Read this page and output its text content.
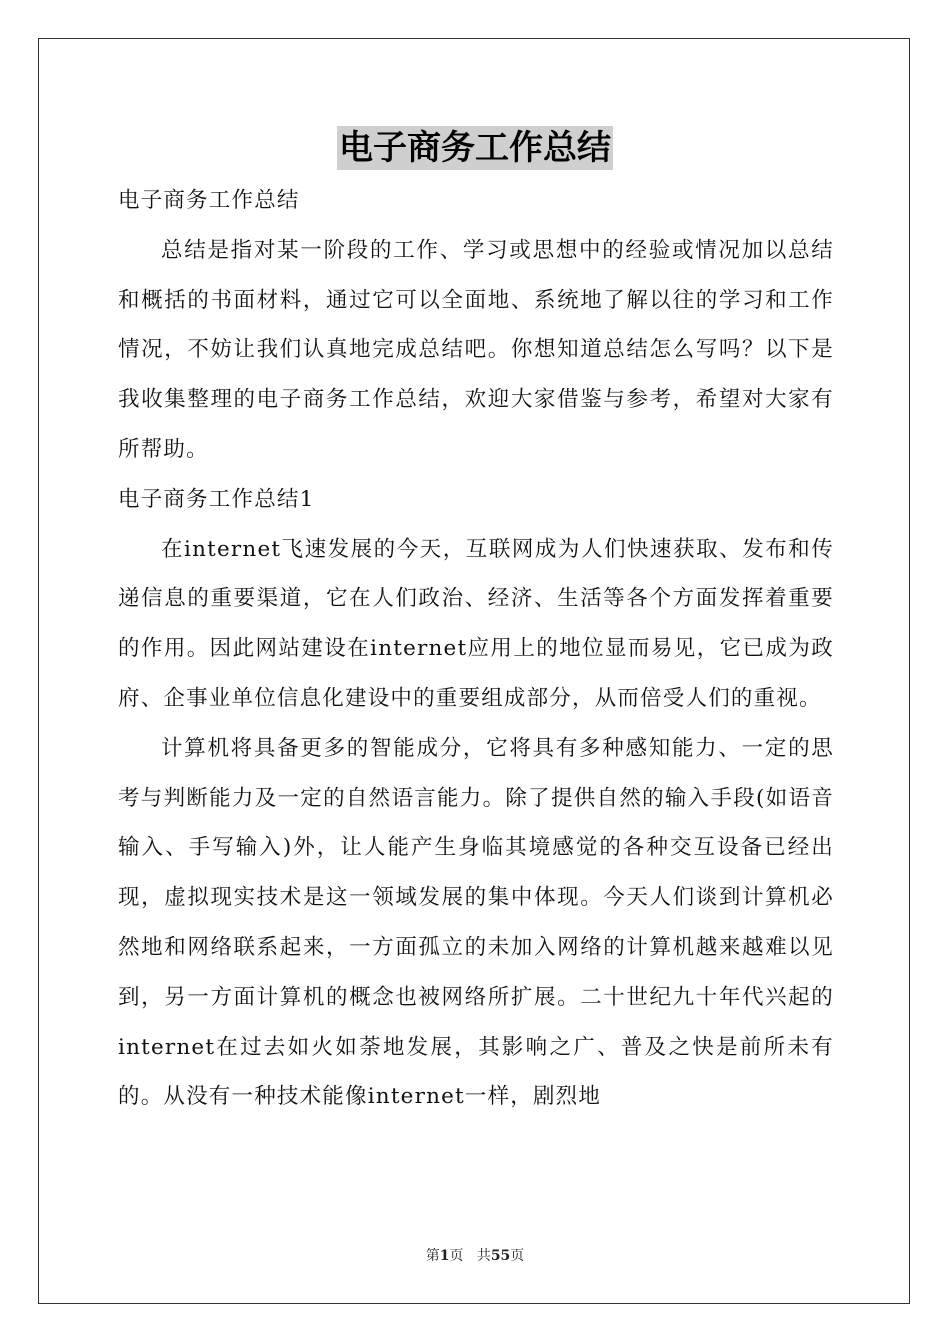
电子商务工作总结

电子商务工作总结

总结是指对某一阶段的工作、学习或思想中的经验或情况加以总结和概括的书面材料，通过它可以全面地、系统地了解以往的学习和工作情况，不妨让我们认真地完成总结吧。你想知道总结怎么写吗？以下是我收集整理的电子商务工作总结，欢迎大家借鉴与参考，希望对大家有所帮助。

电子商务工作总结1

在internet飞速发展的今天，互联网成为人们快速获取、发布和传递信息的重要渠道，它在人们政治、经济、生活等各个方面发挥着重要的作用。因此网站建设在internet应用上的地位显而易见，它已成为政府、企事业单位信息化建设中的重要组成部分，从而倍受人们的重视。

计算机将具备更多的智能成分，它将具有多种感知能力、一定的思考与判断能力及一定的自然语言能力。除了提供自然的输入手段(如语音输入、手写输入)外，让人能产生身临其境感觉的各种交互设备已经出现，虚拟现实技术是这一领域发展的集中体现。今天人们谈到计算机必然地和网络联系起来，一方面孤立的未加入网络的计算机越来越难以见到，另一方面计算机的概念也被网络所扩展。二十世纪九十年代兴起的internet在过去如火如荼地发展，其影响之广、普及之快是前所未有的。从没有一种技术能像internet一样，剧烈地

第1页 共55页
